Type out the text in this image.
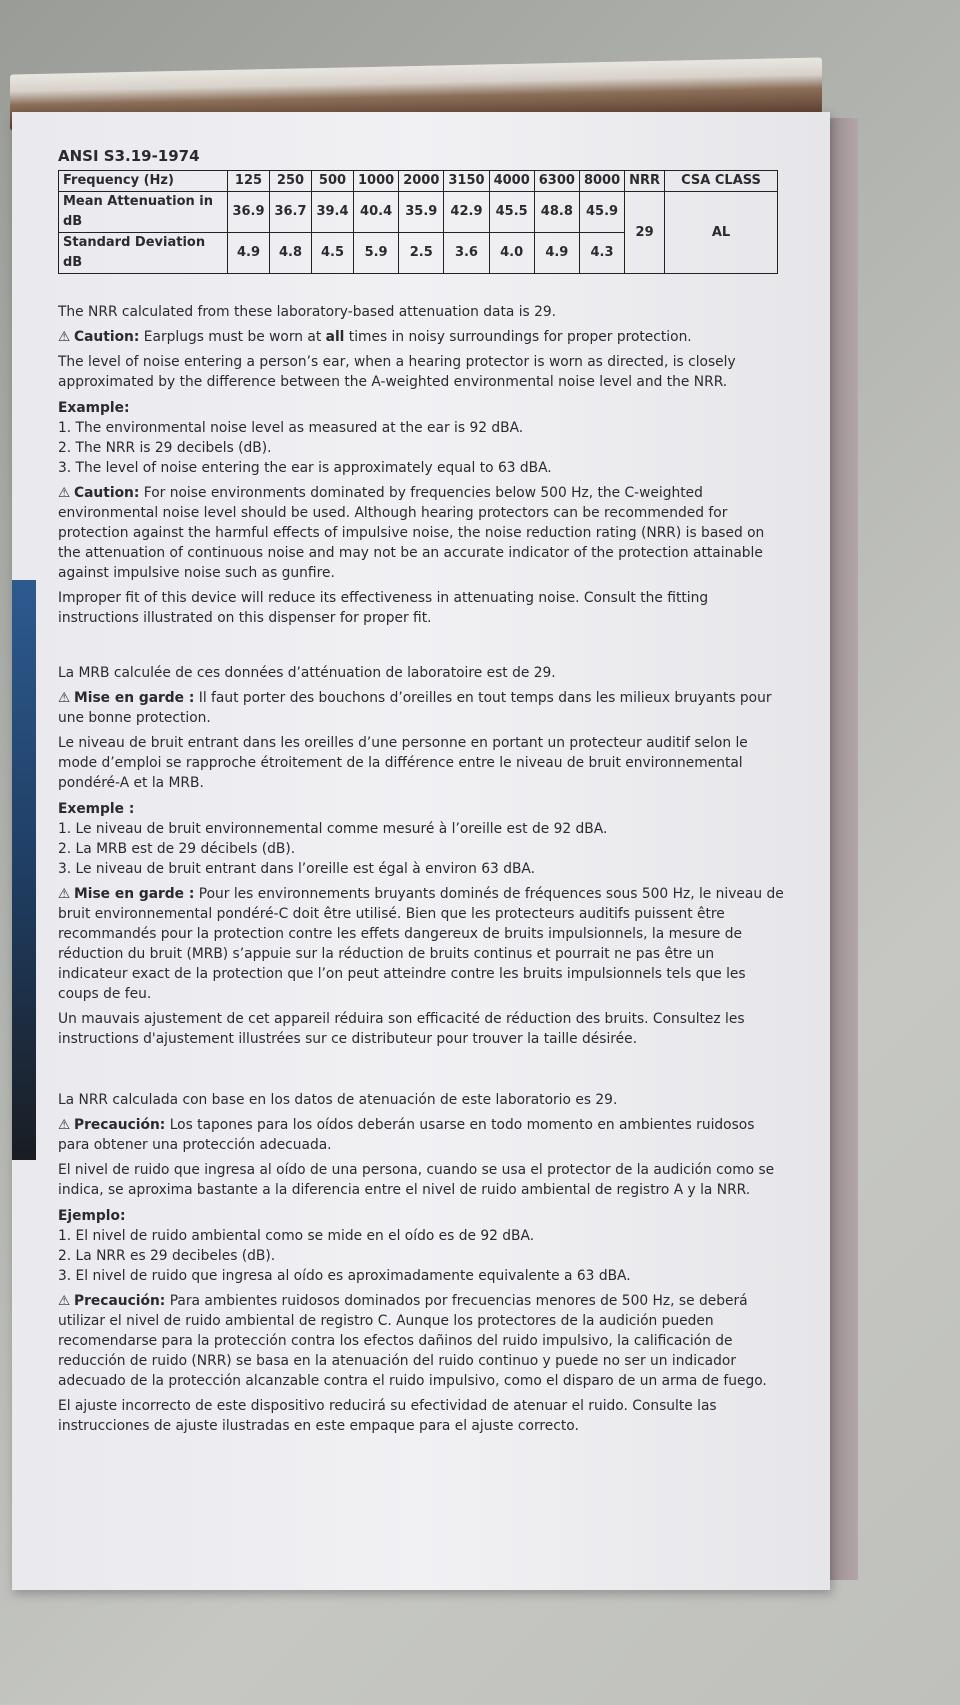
ANSI S3.19-1974
Frequency (Hz)	125	250	500	1000	2000	3150	4000	6300	8000	NRR	CSA CLASS
Mean Attenuation in dB	36.9	36.7	39.4	40.4	35.9	42.9	45.5	48.8	45.9	29	AL
Standard Deviation dB	4.9	4.8	4.5	5.9	2.5	3.6	4.0	4.9	4.3		

The NRR calculated from these laboratory-based attenuation data is 29.

⚠ Caution: Earplugs must be worn at all times in noisy surroundings for proper protection.

The level of noise entering a person’s ear, when a hearing protector is worn as directed, is closely approximated by the difference between the A-weighted environmental noise level and the NRR.

Example:

1. The environmental noise level as measured at the ear is 92 dBA.

2. The NRR is 29 decibels (dB).

3. The level of noise entering the ear is approximately equal to 63 dBA.

⚠ Caution: For noise environments dominated by frequencies below 500 Hz, the C-weighted environmental noise level should be used. Although hearing protectors can be recommended for protection against the harmful effects of impulsive noise, the noise reduction rating (NRR) is based on the attenuation of continuous noise and may not be an accurate indicator of the protection attainable against impulsive noise such as gunfire.

Improper fit of this device will reduce its effectiveness in attenuating noise. Consult the fitting instructions illustrated on this dispenser for proper fit.

La MRB calculée de ces données d’atténuation de laboratoire est de 29.

⚠ Mise en garde : Il faut porter des bouchons d’oreilles en tout temps dans les milieux bruyants pour une bonne protection.

Le niveau de bruit entrant dans les oreilles d’une personne en portant un protecteur auditif selon le mode d’emploi se rapproche étroitement de la différence entre le niveau de bruit environnemental pondéré-A et la MRB.

Exemple :

1. Le niveau de bruit environnemental comme mesuré à l’oreille est de 92 dBA.

2. La MRB est de 29 décibels (dB).

3. Le niveau de bruit entrant dans l’oreille est égal à environ 63 dBA.

⚠ Mise en garde : Pour les environnements bruyants dominés de fréquences sous 500 Hz, le niveau de bruit environnemental pondéré-C doit être utilisé. Bien que les protecteurs auditifs puissent être recommandés pour la protection contre les effets dangereux de bruits impulsionnels, la mesure de réduction du bruit (MRB) s’appuie sur la réduction de bruits continus et pourrait ne pas être un indicateur exact de la protection que l’on peut atteindre contre les bruits impulsionnels tels que les coups de feu.

Un mauvais ajustement de cet appareil réduira son efficacité de réduction des bruits. Consultez les instructions d'ajustement illustrées sur ce distributeur pour trouver la taille désirée.

La NRR calculada con base en los datos de atenuación de este laboratorio es 29.

⚠ Precaución: Los tapones para los oídos deberán usarse en todo momento en ambientes ruidosos para obtener una protección adecuada.

El nivel de ruido que ingresa al oído de una persona, cuando se usa el protector de la audición como se indica, se aproxima bastante a la diferencia entre el nivel de ruido ambiental de registro A y la NRR.

Ejemplo:

1. El nivel de ruido ambiental como se mide en el oído es de 92 dBA.

2. La NRR es 29 decibeles (dB).

3. El nivel de ruido que ingresa al oído es aproximadamente equivalente a 63 dBA.

⚠ Precaución: Para ambientes ruidosos dominados por frecuencias menores de 500 Hz, se deberá utilizar el nivel de ruido ambiental de registro C. Aunque los protectores de la audición pueden recomendarse para la protección contra los efectos dañinos del ruido impulsivo, la calificación de reducción de ruido (NRR) se basa en la atenuación del ruido continuo y puede no ser un indicador adecuado de la protección alcanzable contra el ruido impulsivo, como el disparo de un arma de fuego.

El ajuste incorrecto de este dispositivo reducirá su efectividad de atenuar el ruido. Consulte las instrucciones de ajuste ilustradas en este empaque para el ajuste correcto.
